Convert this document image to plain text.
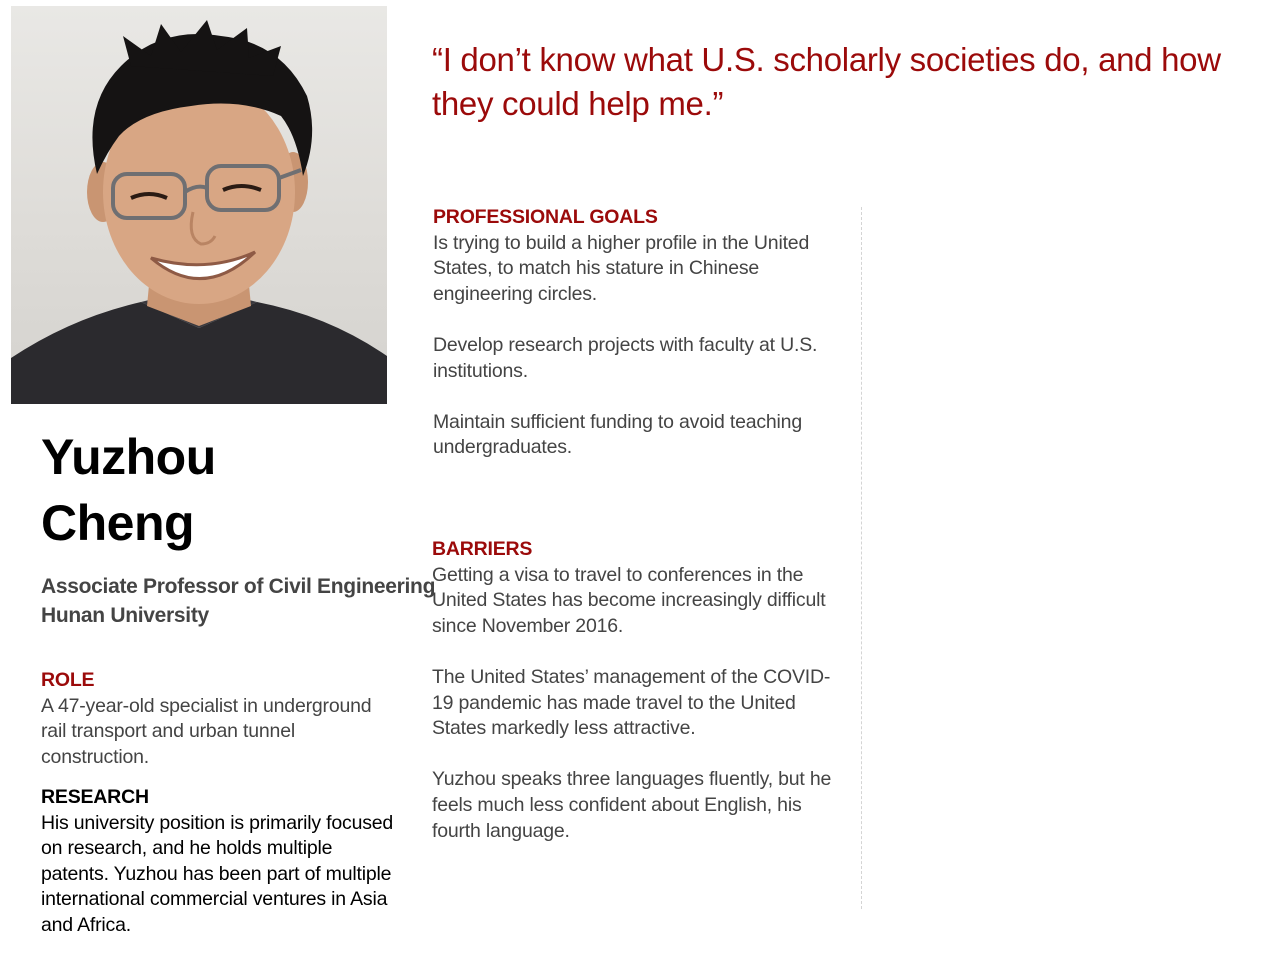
“I don’t know what U.S. scholarly societies do, and how they could help me.”
Yuzhou
Cheng
Associate Professor of Civil Engineering
Hunan University
ROLE

A 47-year-old specialist in underground rail transport and urban tunnel construction.

RESEARCH

His university position is primarily focused on research, and he holds multiple patents. Yuzhou has been part of multiple international commercial ventures in Asia and Africa.

PROFESSIONAL GOALS

Is trying to build a higher profile in the United States, to match his stature in Chinese engineering circles.

Develop research projects with faculty at U.S. institutions.

Maintain sufficient funding to avoid teaching undergraduates.

BARRIERS

Getting a visa to travel to conferences in the United States has become increasingly difficult since November 2016.

The United States’ management of the COVID-19 pandemic has made travel to the United States markedly less attractive.

Yuzhou speaks three languages fluently, but he feels much less confident about English, his fourth language.
